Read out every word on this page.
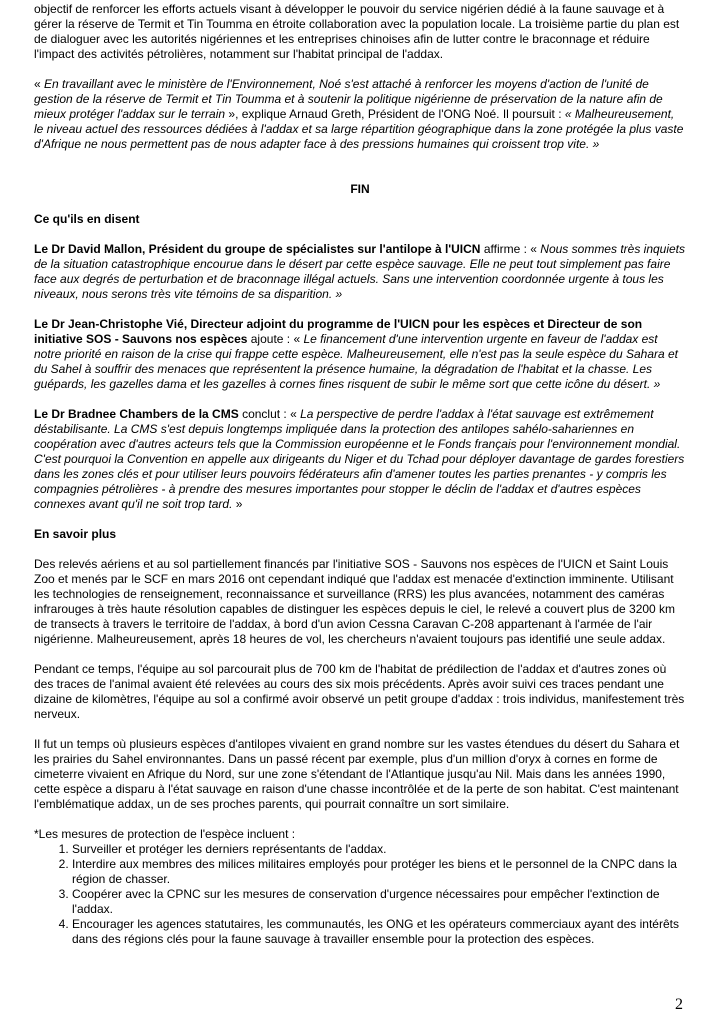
objectif de renforcer les efforts actuels visant à développer le pouvoir du service nigérien dédié à la faune sauvage et à gérer la réserve de Termit et Tin Toumma en étroite collaboration avec la population locale. La troisième partie du plan est de dialoguer avec les autorités nigériennes et les entreprises chinoises afin de lutter contre le braconnage et réduire l'impact des activités pétrolières, notamment sur l'habitat principal de l'addax.

« En travaillant avec le ministère de l'Environnement, Noé s'est attaché à renforcer les moyens d'action de l'unité de gestion de la réserve de Termit et Tin Toumma et à soutenir la politique nigérienne de préservation de la nature afin de mieux protéger l'addax sur le terrain », explique Arnaud Greth, Président de l'ONG Noé. Il poursuit : « Malheureusement, le niveau actuel des ressources dédiées à l'addax et sa large répartition géographique dans la zone protégée la plus vaste d'Afrique ne nous permettent pas de nous adapter face à des pressions humaines qui croissent trop vite. »

FIN
Ce qu'ils en disent

Le Dr David Mallon, Président du groupe de spécialistes sur l'antilope à l'UICN affirme : « Nous sommes très inquiets de la situation catastrophique encourue dans le désert par cette espèce sauvage. Elle ne peut tout simplement pas faire face aux degrés de perturbation et de braconnage illégal actuels. Sans une intervention coordonnée urgente à tous les niveaux, nous serons très vite témoins de sa disparition. »

Le Dr Jean-Christophe Vié, Directeur adjoint du programme de l'UICN pour les espèces et Directeur de son initiative SOS - Sauvons nos espèces ajoute : « Le financement d'une intervention urgente en faveur de l'addax est notre priorité en raison de la crise qui frappe cette espèce. Malheureusement, elle n'est pas la seule espèce du Sahara et du Sahel à souffrir des menaces que représentent la présence humaine, la dégradation de l'habitat et la chasse. Les guépards, les gazelles dama et les gazelles à cornes fines risquent de subir le même sort que cette icône du désert. »

Le Dr Bradnee Chambers de la CMS conclut : « La perspective de perdre l'addax à l'état sauvage est extrêmement déstabilisante. La CMS s'est depuis longtemps impliquée dans la protection des antilopes sahélo-sahariennes en coopération avec d'autres acteurs tels que la Commission européenne et le Fonds français pour l'environnement mondial. C'est pourquoi la Convention en appelle aux dirigeants du Niger et du Tchad pour déployer davantage de gardes forestiers dans les zones clés et pour utiliser leurs pouvoirs fédérateurs afin d'amener toutes les parties prenantes - y compris les compagnies pétrolières - à prendre des mesures importantes pour stopper le déclin de l'addax et d'autres espèces connexes avant qu'il ne soit trop tard. »

En savoir plus

Des relevés aériens et au sol partiellement financés par l'initiative SOS - Sauvons nos espèces de l'UICN et Saint Louis Zoo et menés par le SCF en mars 2016 ont cependant indiqué que l'addax est menacée d'extinction imminente. Utilisant les technologies de renseignement, reconnaissance et surveillance (RRS) les plus avancées, notamment des caméras infrarouges à très haute résolution capables de distinguer les espèces depuis le ciel, le relevé a couvert plus de 3200 km de transects à travers le territoire de l'addax, à bord d'un avion Cessna Caravan C-208 appartenant à l'armée de l'air nigérienne. Malheureusement, après 18 heures de vol, les chercheurs n'avaient toujours pas identifié une seule addax.

Pendant ce temps, l'équipe au sol parcourait plus de 700 km de l'habitat de prédilection de l'addax et d'autres zones où des traces de l'animal avaient été relevées au cours des six mois précédents. Après avoir suivi ces traces pendant une dizaine de kilomètres, l'équipe au sol a confirmé avoir observé un petit groupe d'addax : trois individus, manifestement très nerveux.

Il fut un temps où plusieurs espèces d'antilopes vivaient en grand nombre sur les vastes étendues du désert du Sahara et les prairies du Sahel environnantes. Dans un passé récent par exemple, plus d'un million d'oryx à cornes en forme de cimeterre vivaient en Afrique du Nord, sur une zone s'étendant de l'Atlantique jusqu'au Nil. Mais dans les années 1990, cette espèce a disparu à l'état sauvage en raison d'une chasse incontrôlée et de la perte de son habitat. C'est maintenant l'emblématique addax, un de ses proches parents, qui pourrait connaître un sort similaire.

*Les mesures de protection de l'espèce incluent :
1. Surveiller et protéger les derniers représentants de l'addax.
2. Interdire aux membres des milices militaires employés pour protéger les biens et le personnel de la CNPC dans la région de chasser.
3. Coopérer avec la CPNC sur les mesures de conservation d'urgence nécessaires pour empêcher l'extinction de l'addax.
4. Encourager les agences statutaires, les communautés, les ONG et les opérateurs commerciaux ayant des intérêts dans des régions clés pour la faune sauvage à travailler ensemble pour la protection des espèces.
2
